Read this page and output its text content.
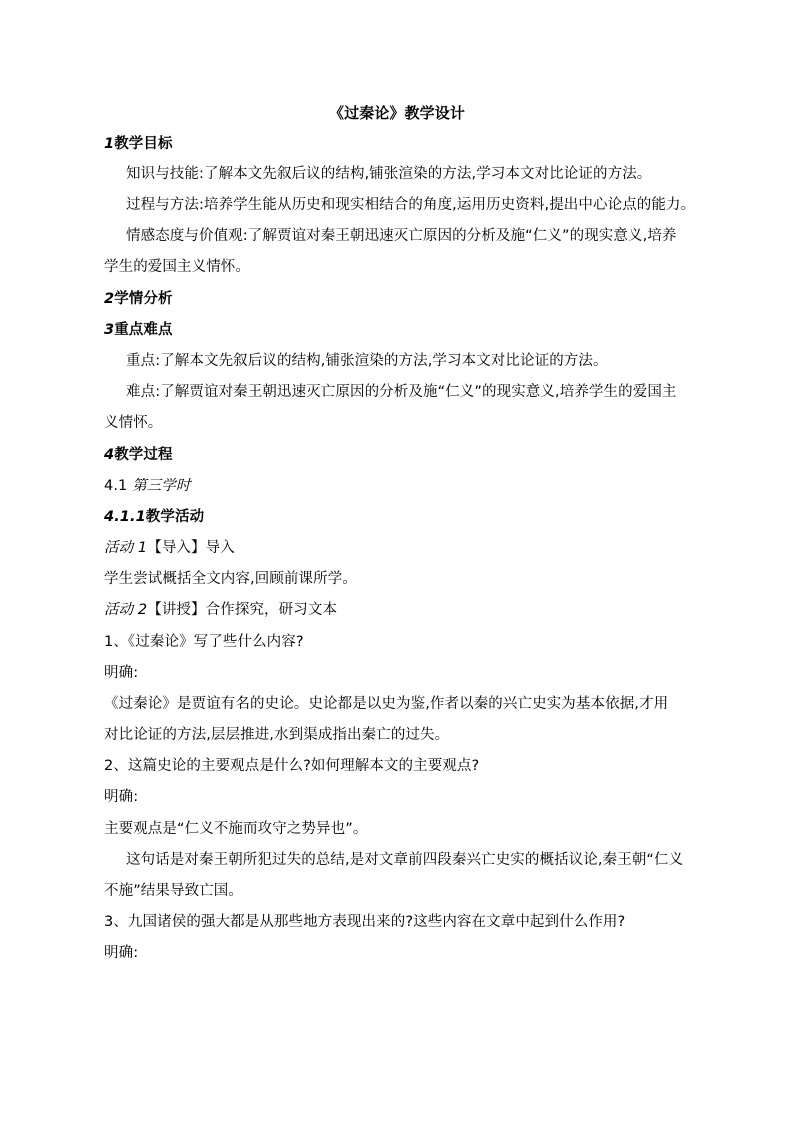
《过秦论》教学设计
1教学目标
知识与技能:了解本文先叙后议的结构,铺张渲染的方法,学习本文对比论证的方法。
过程与方法:培养学生能从历史和现实相结合的角度,运用历史资料,提出中心论点的能力。
情感态度与价值观:了解贾谊对秦王朝迅速灭亡原因的分析及施“仁义”的现实意义,培养
学生的爱国主义情怀。
2学情分析
3重点难点
重点:了解本文先叙后议的结构,铺张渲染的方法,学习本文对比论证的方法。
难点:了解贾谊对秦王朝迅速灭亡原因的分析及施“仁义”的现实意义,培养学生的爱国主
义情怀。
4教学过程
4.1 第三学时
4.1.1教学活动
活动 1【导入】导入
学生尝试概括全文内容,回顾前课所学。
活动 2【讲授】合作探究，研习文本
1、《过秦论》写了些什么内容?
明确:
《过秦论》是贾谊有名的史论。史论都是以史为鉴,作者以秦的兴亡史实为基本依据,才用
对比论证的方法,层层推进,水到渠成指出秦亡的过失。
2、这篇史论的主要观点是什么?如何理解本文的主要观点?
明确:
主要观点是“仁义不施而攻守之势异也”。
这句话是对秦王朝所犯过失的总结,是对文章前四段秦兴亡史实的概括议论,秦王朝“仁义
不施”结果导致亡国。
3、九国诸侯的强大都是从那些地方表现出来的?这些内容在文章中起到什么作用?
明确:
